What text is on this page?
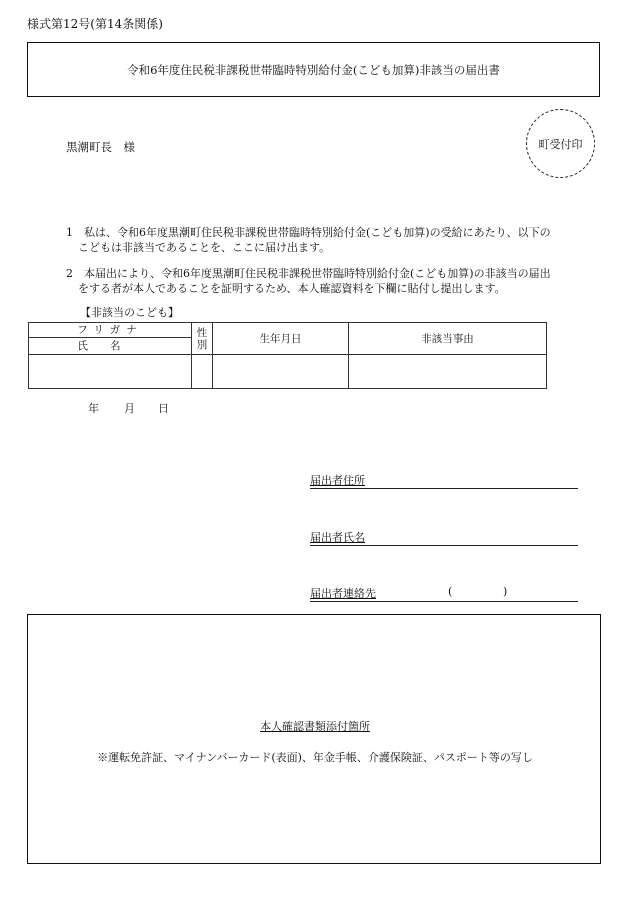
様式第12号(第14条関係)
令和6年度住民税非課税世帯臨時特別給付金(こども加算)非該当の届出書
黒潮町長　様	町受付印
1 私は、令和6年度黒潮町住民税非課税世帯臨時特別給付金(こども加算)の受給にあたり、以下の
こどもは非該当であることを、ここに届け出ます。
2 本届出により、令和6年度黒潮町住民税非課税世帯臨時特別給付金(こども加算)の非該当の届出
をする者が本人であることを証明するため、本人確認資料を下欄に貼付し提出します。
【非該当のこども】
フリガナ	性別	生年月日	非該当事由
氏名			

年 月 日
届出者住所
届出者氏名
届出者連絡先	(	)
本人確認書類添付箇所
※運転免許証、マイナンバーカード(表面)、年金手帳、介護保険証、パスポート等の写し
